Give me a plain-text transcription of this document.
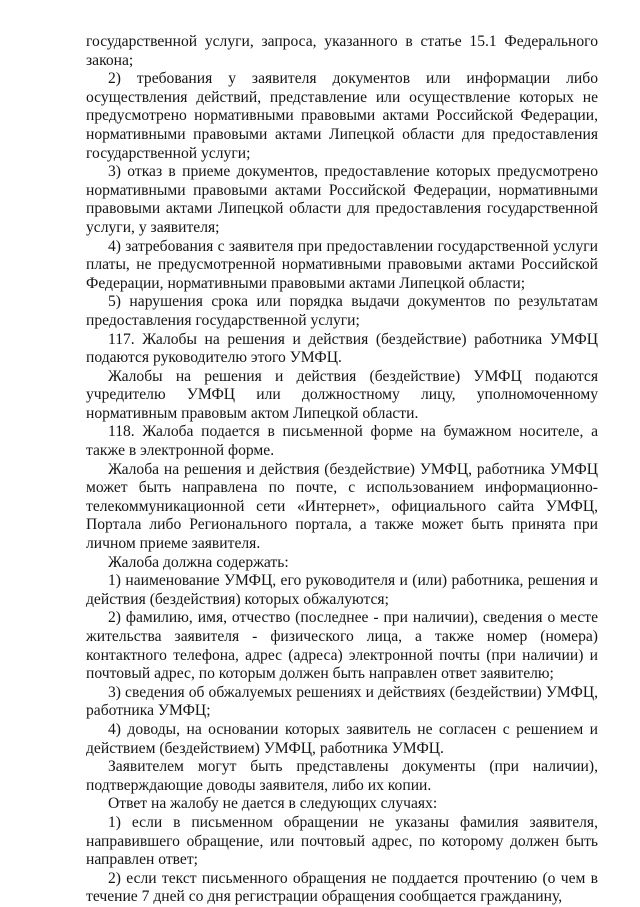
государственной услуги, запроса, указанного в статье 15.1 Федерального закона;

2) требования у заявителя документов или информации либо осуществления действий, представление или осуществление которых не предусмотрено нормативными правовыми актами Российской Федерации, нормативными правовыми актами Липецкой области для предоставления государственной услуги;

3) отказ в приеме документов, предоставление которых предусмотрено нормативными правовыми актами Российской Федерации, нормативными правовыми актами Липецкой области для предоставления государственной услуги, у заявителя;

4) затребования с заявителя при предоставлении государственной услуги платы, не предусмотренной нормативными правовыми актами Российской Федерации, нормативными правовыми актами Липецкой области;

5) нарушения срока или порядка выдачи документов по результатам предоставления государственной услуги;

117. Жалобы на решения и действия (бездействие) работника УМФЦ подаются руководителю этого УМФЦ.

Жалобы на решения и действия (бездействие) УМФЦ подаются учредителю УМФЦ или должностному лицу, уполномоченному нормативным правовым актом Липецкой области.

118. Жалоба подается в письменной форме на бумажном носителе, а также в электронной форме.

Жалоба на решения и действия (бездействие) УМФЦ, работника УМФЦ может быть направлена по почте, с использованием информационно-телекоммуникационной сети «Интернет», официального сайта УМФЦ, Портала либо Регионального портала, а также может быть принята при личном приеме заявителя.

Жалоба должна содержать:

1) наименование УМФЦ, его руководителя и (или) работника, решения и действия (бездействия) которых обжалуются;

2) фамилию, имя, отчество (последнее - при наличии), сведения о месте жительства заявителя - физического лица, а также номер (номера) контактного телефона, адрес (адреса) электронной почты (при наличии) и почтовый адрес, по которым должен быть направлен ответ заявителю;

3) сведения об обжалуемых решениях и действиях (бездействии) УМФЦ, работника УМФЦ;

4) доводы, на основании которых заявитель не согласен с решением и действием (бездействием) УМФЦ, работника УМФЦ.

Заявителем могут быть представлены документы (при наличии), подтверждающие доводы заявителя, либо их копии.

Ответ на жалобу не дается в следующих случаях:

1) если в письменном обращении не указаны фамилия заявителя, направившего обращение, или почтовый адрес, по которому должен быть направлен ответ;

2) если текст письменного обращения не поддается прочтению (о чем в течение 7 дней со дня регистрации обращения сообщается гражданину,
